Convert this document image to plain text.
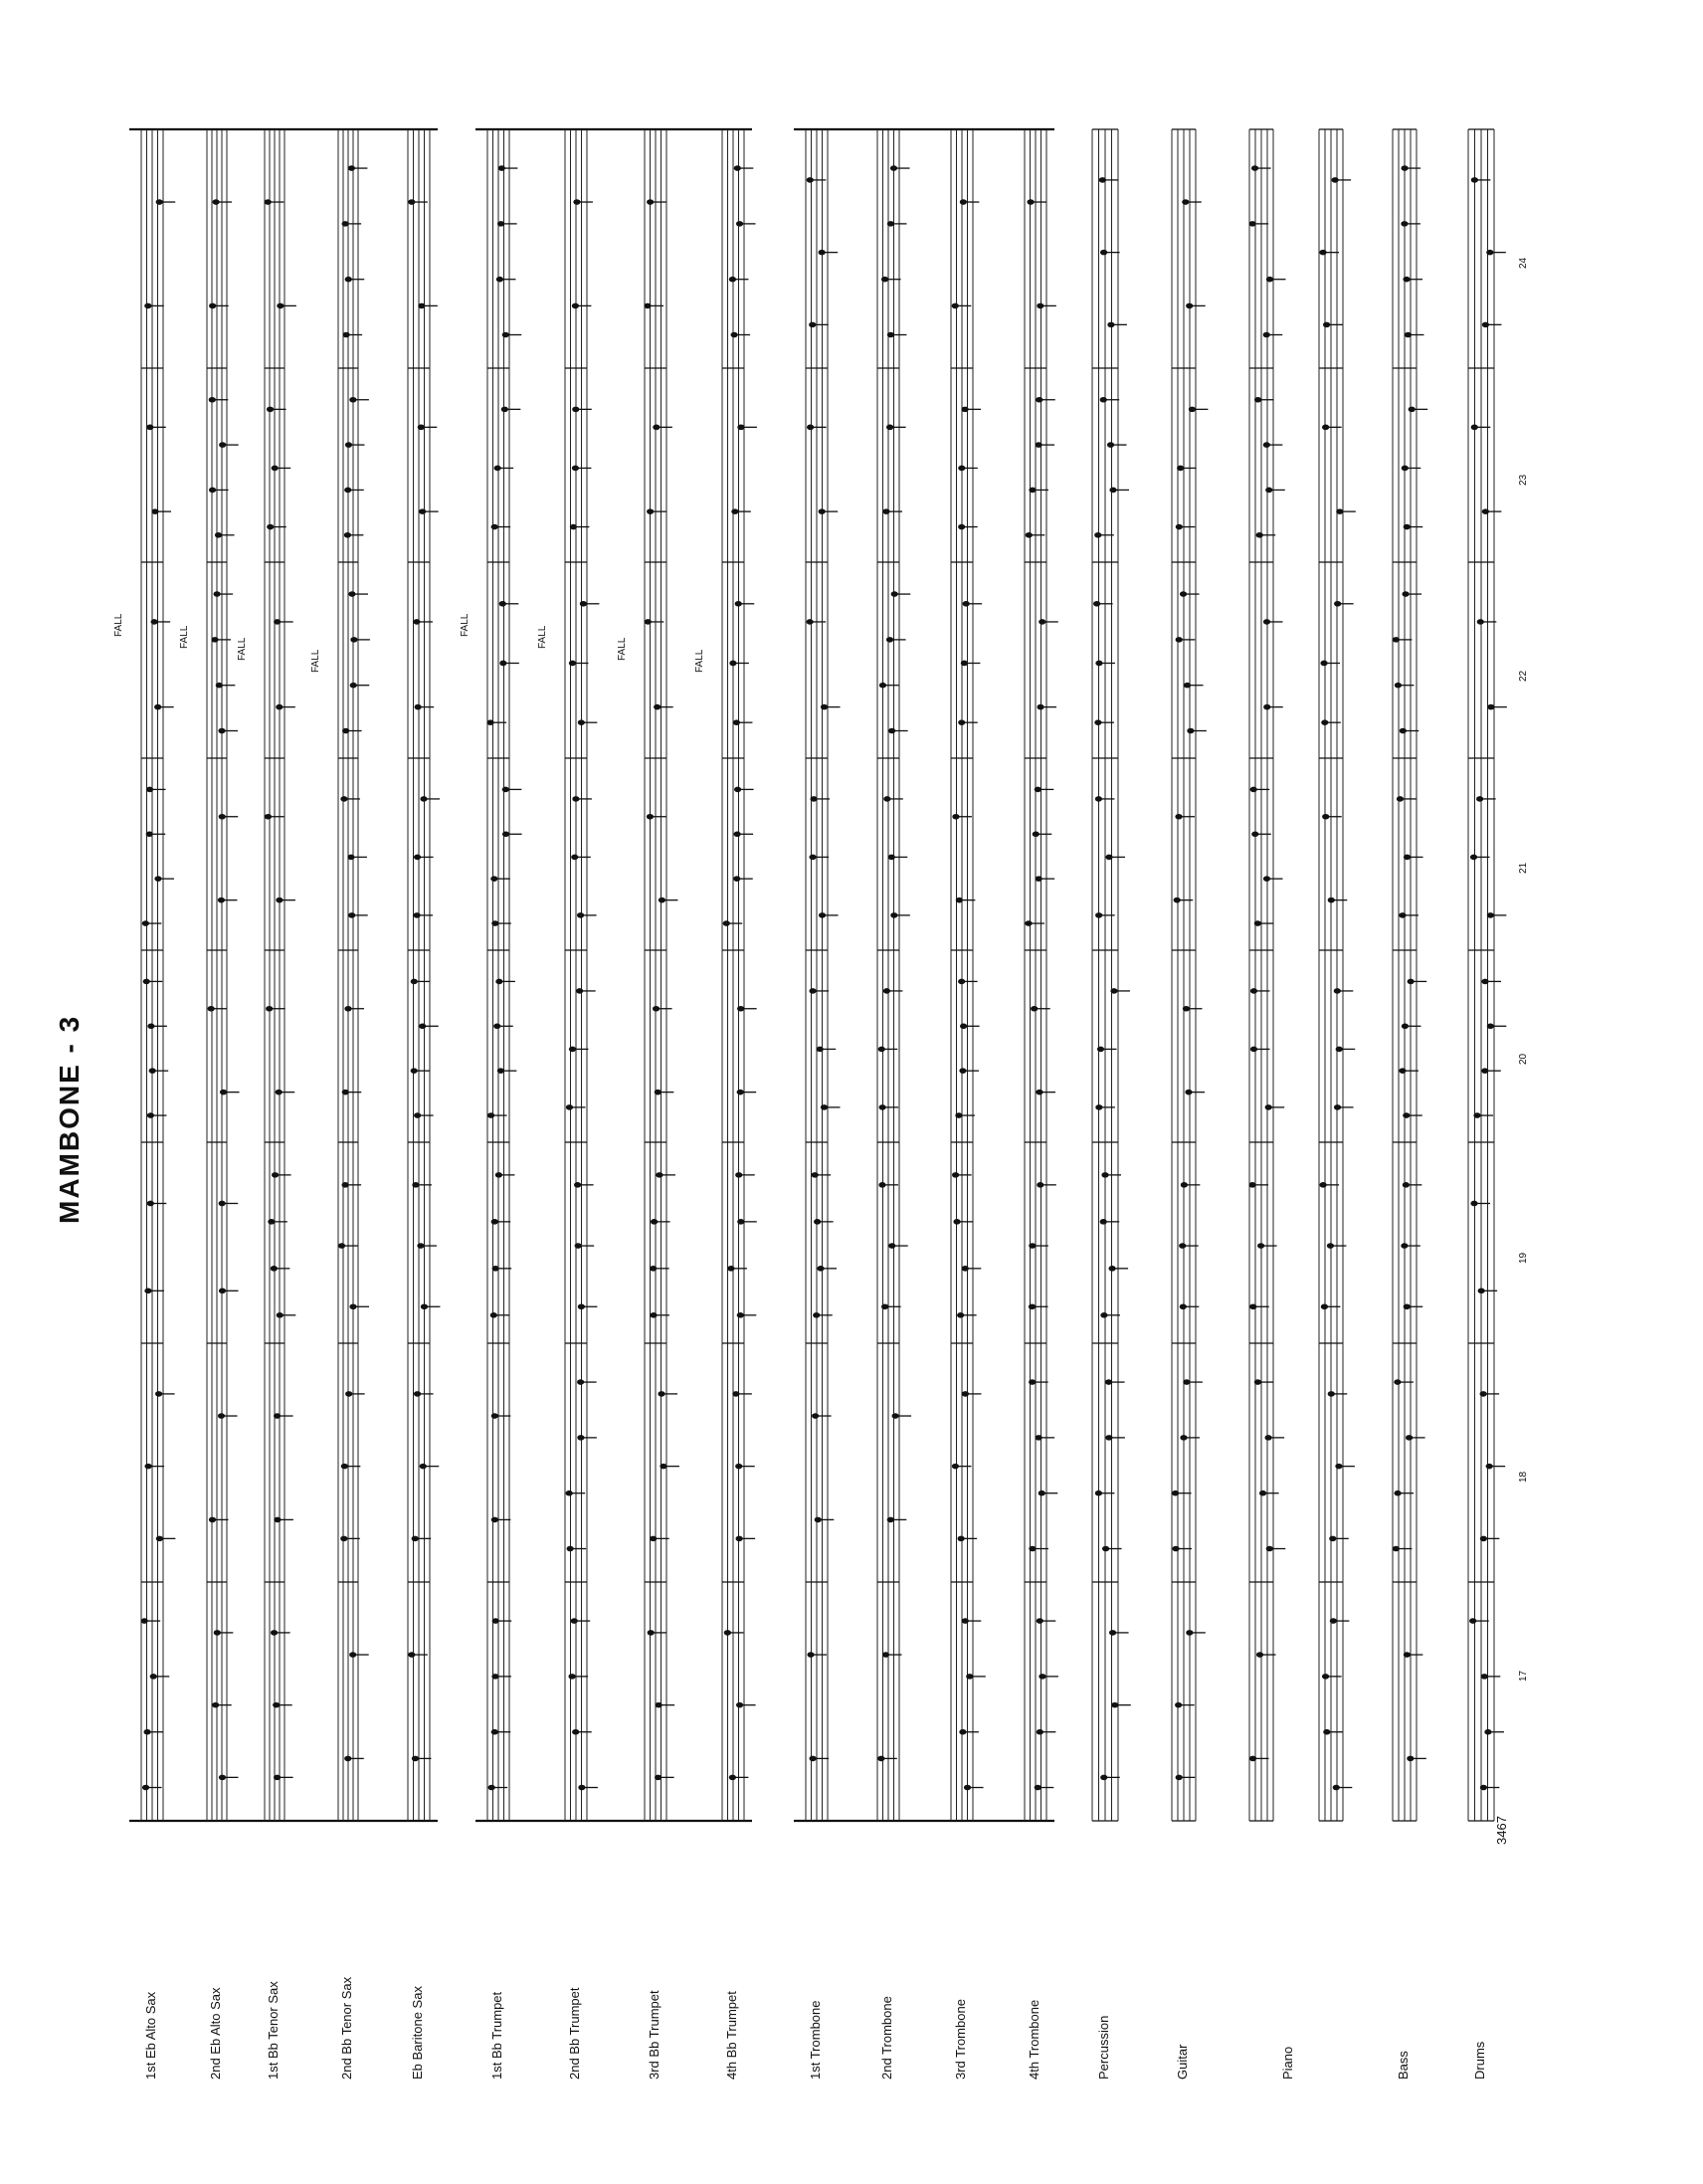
MAMBONE - 3
1st Eb Alto Sax	2nd Eb Alto Sax	1st Bb Tenor Sax	2nd Bb Tenor Sax	Eb Baritone Sax	1st Bb Trumpet	2nd Bb Trumpet	3rd Bb Trumpet	4th Bb Trumpet	1st Trombone	2nd Trombone	3rd Trombone	4th Trombone	Percussion	Guitar	Piano	Bass	Drums
17
18
19
20
21
22
23
24
FALL
FALL
FALL
FALL
FALL
FALL
FALL
FALL
3467
